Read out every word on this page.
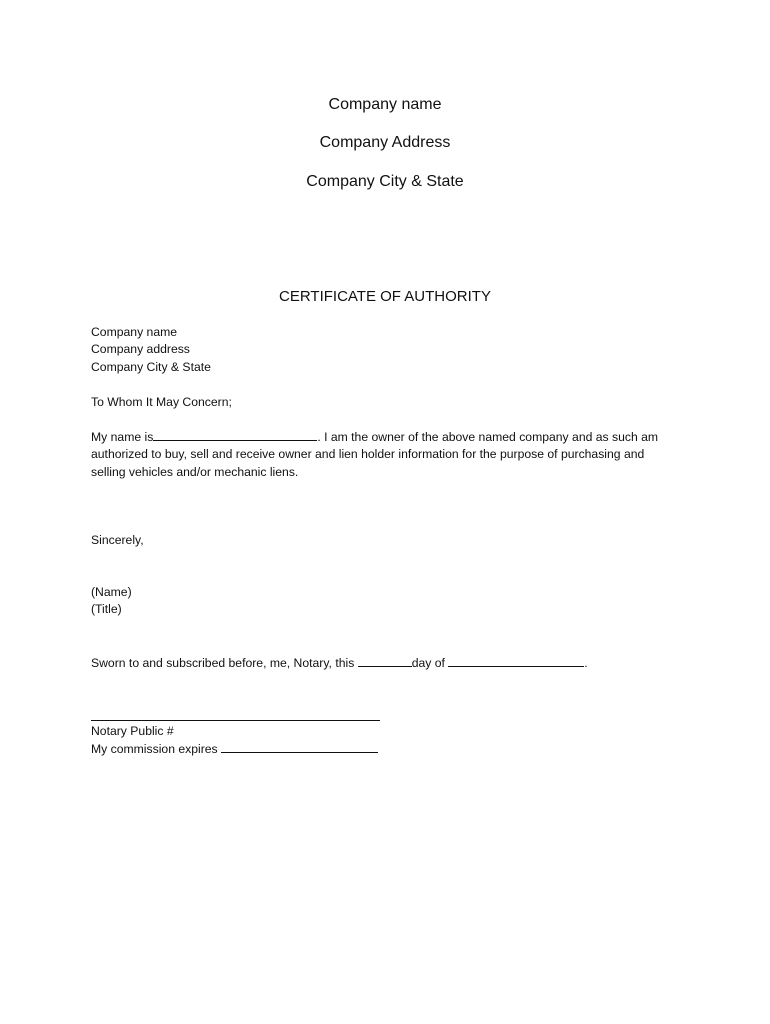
Company name
Company Address
Company City & State
CERTIFICATE OF AUTHORITY
Company name
Company address
Company City & State
To Whom It May Concern;
My name is	. I am the owner of the above named company and as such am
authorized to buy, sell and receive owner and lien holder information for the purpose of purchasing and
selling vehicles and/or mechanic liens.
Sincerely,
(Name)
(Title)
Sworn to and subscribed before, me, Notary, this	day of	.
Notary Public #
My commission expires
